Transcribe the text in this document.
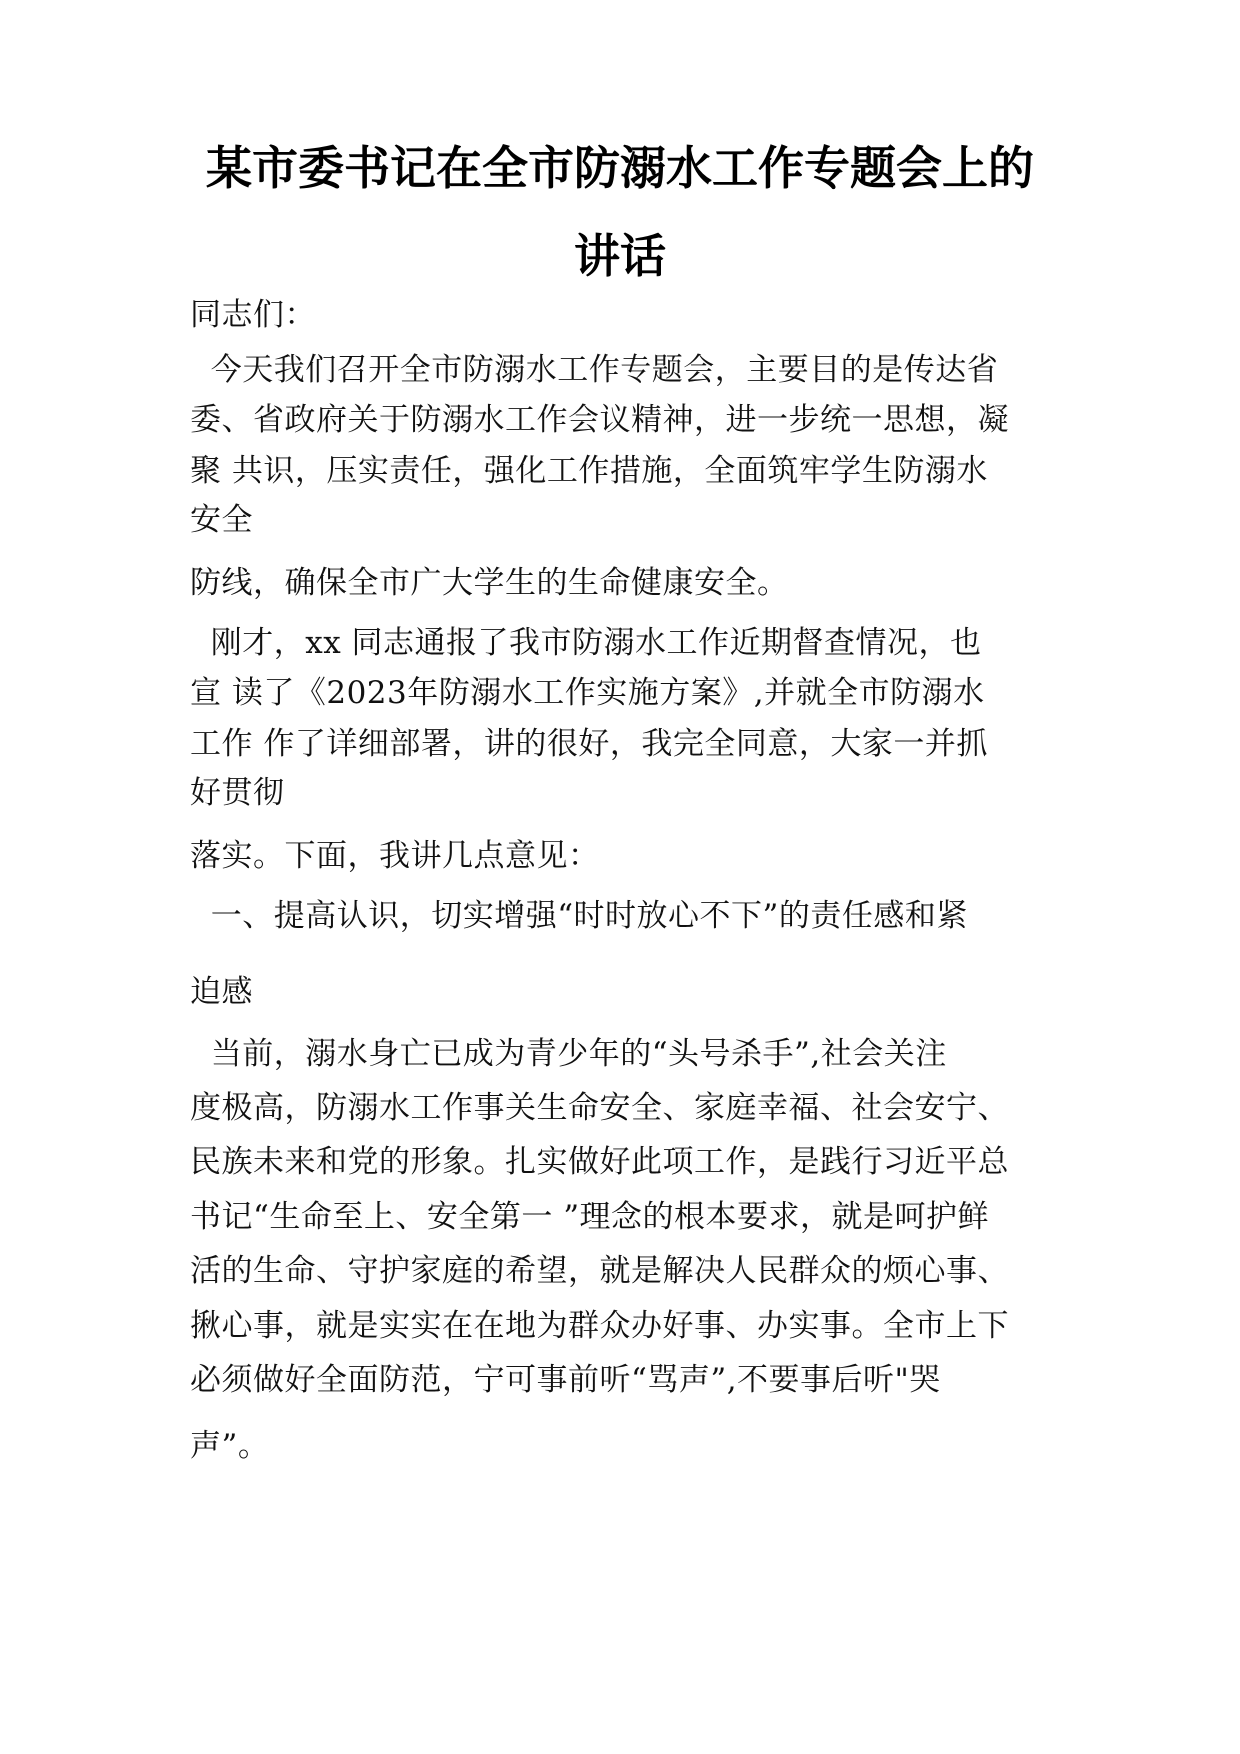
某市委书记在全市防溺水工作专题会上的
讲话

同志们：

今天我们召开全市防溺水工作专题会，主要目的是传达省

委、省政府关于防溺水工作会议精神，进一步统一思想，凝

聚 共识，压实责任，强化工作措施，全面筑牢学生防溺水

安全

防线，确保全市广大学生的生命健康安全。

刚才，xx 同志通报了我市防溺水工作近期督查情况，也

宣 读了《2023年防溺水工作实施方案》,并就全市防溺水

工作 作了详细部署，讲的很好，我完全同意，大家一并抓

好贯彻

落实。下面，我讲几点意见：

一、提高认识，切实增强“时时放心不下”的责任感和紧

迫感

当前，溺水身亡已成为青少年的“头号杀手”,社会关注

度极高，防溺水工作事关生命安全、家庭幸福、社会安宁、

民族未来和党的形象。扎实做好此项工作，是践行习近平总

书记“生命至上、安全第一 ”理念的根本要求，就是呵护鲜

活的生命、守护家庭的希望，就是解决人民群众的烦心事、

揪心事，就是实实在在地为群众办好事、办实事。全市上下

必须做好全面防范，宁可事前听“骂声”,不要事后听"哭

声”。
